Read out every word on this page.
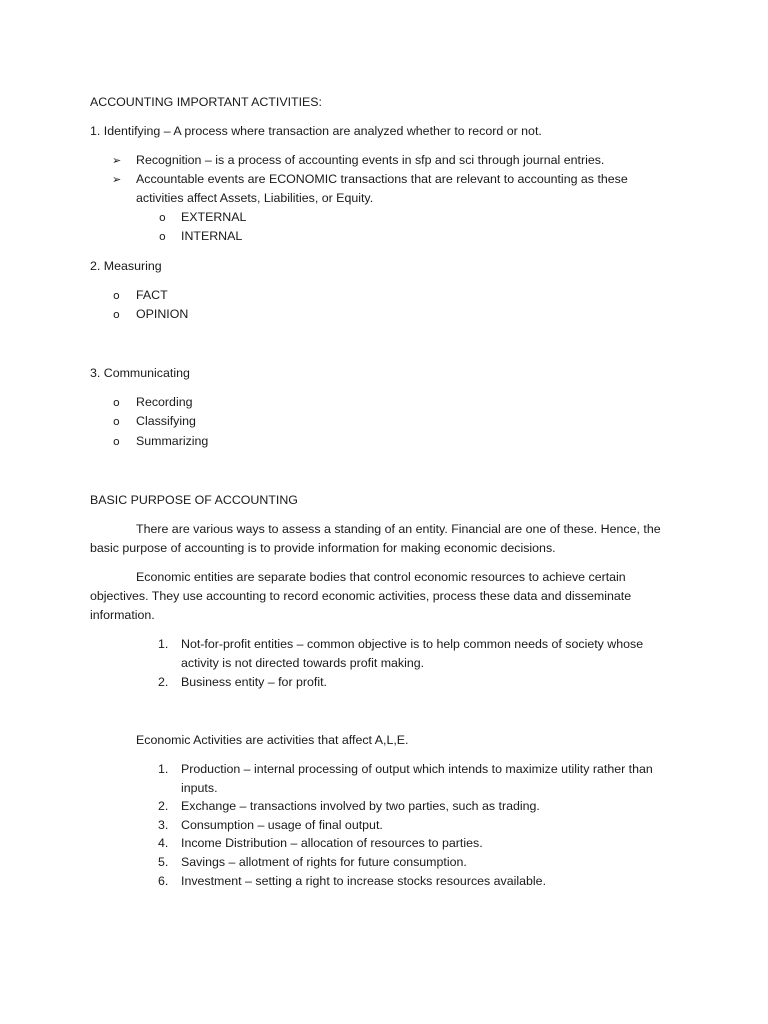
ACCOUNTING IMPORTANT ACTIVITIES:
1. Identifying – A process where transaction are analyzed whether to record or not.
➢ Recognition – is a process of accounting events in sfp and sci through journal entries.
➢ Accountable events are ECONOMIC transactions that are relevant to accounting as these
activities affect Assets, Liabilities, or Equity.
o EXTERNAL
o INTERNAL
2. Measuring
o FACT
o OPINION
3. Communicating
o Recording
o Classifying
o Summarizing
BASIC PURPOSE OF ACCOUNTING
There are various ways to assess a standing of an entity. Financial are one of these. Hence, the
basic purpose of accounting is to provide information for making economic decisions.
Economic entities are separate bodies that control economic resources to achieve certain
objectives. They use accounting to record economic activities, process these data and disseminate
information.
1. Not-for-profit entities – common objective is to help common needs of society whose
activity is not directed towards profit making.
2. Business entity – for profit.
Economic Activities are activities that affect A,L,E.
1. Production – internal processing of output which intends to maximize utility rather than
inputs.
2. Exchange – transactions involved by two parties, such as trading.
3. Consumption – usage of final output.
4. Income Distribution – allocation of resources to parties.
5. Savings – allotment of rights for future consumption.
6. Investment – setting a right to increase stocks resources available.
